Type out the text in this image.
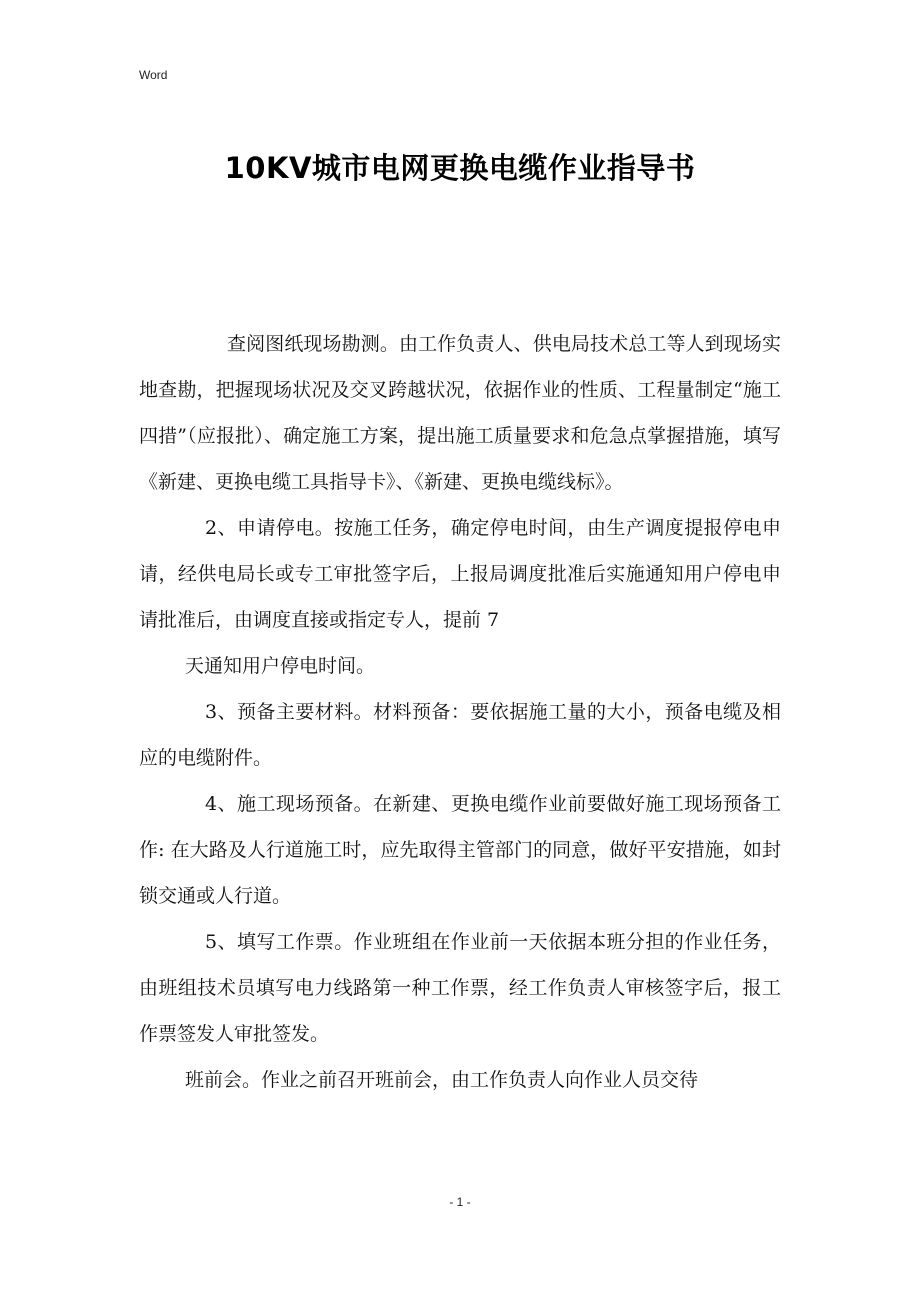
Word
10KV城市电网更换电缆作业指导书

查阅图纸现场勘测。由工作负责人、供电局技术总工等人到现场实地查勘，把握现场状况及交叉跨越状况，依据作业的性质、工程量制定“施工四措”（应报批）、确定施工方案，提出施工质量要求和危急点掌握措施，填写《新建、更换电缆工具指导卡》、《新建、更换电缆线标》。

2、申请停电。按施工任务，确定停电时间，由生产调度提报停电申请，经供电局长或专工审批签字后，上报局调度批准后实施通知用户停电申请批准后，由调度直接或指定专人，提前 7

天通知用户停电时间。

3、预备主要材料。材料预备：要依据施工量的大小，预备电缆及相应的电缆附件。

4、施工现场预备。在新建、更换电缆作业前要做好施工现场预备工作: 在大路及人行道施工时，应先取得主管部门的同意，做好平安措施，如封锁交通或人行道。

5、填写工作票。作业班组在作业前一天依据本班分担的作业任务，由班组技术员填写电力线路第一种工作票，经工作负责人审核签字后，报工作票签发人审批签发。

班前会。作业之前召开班前会，由工作负责人向作业人员交待

- 1 -
